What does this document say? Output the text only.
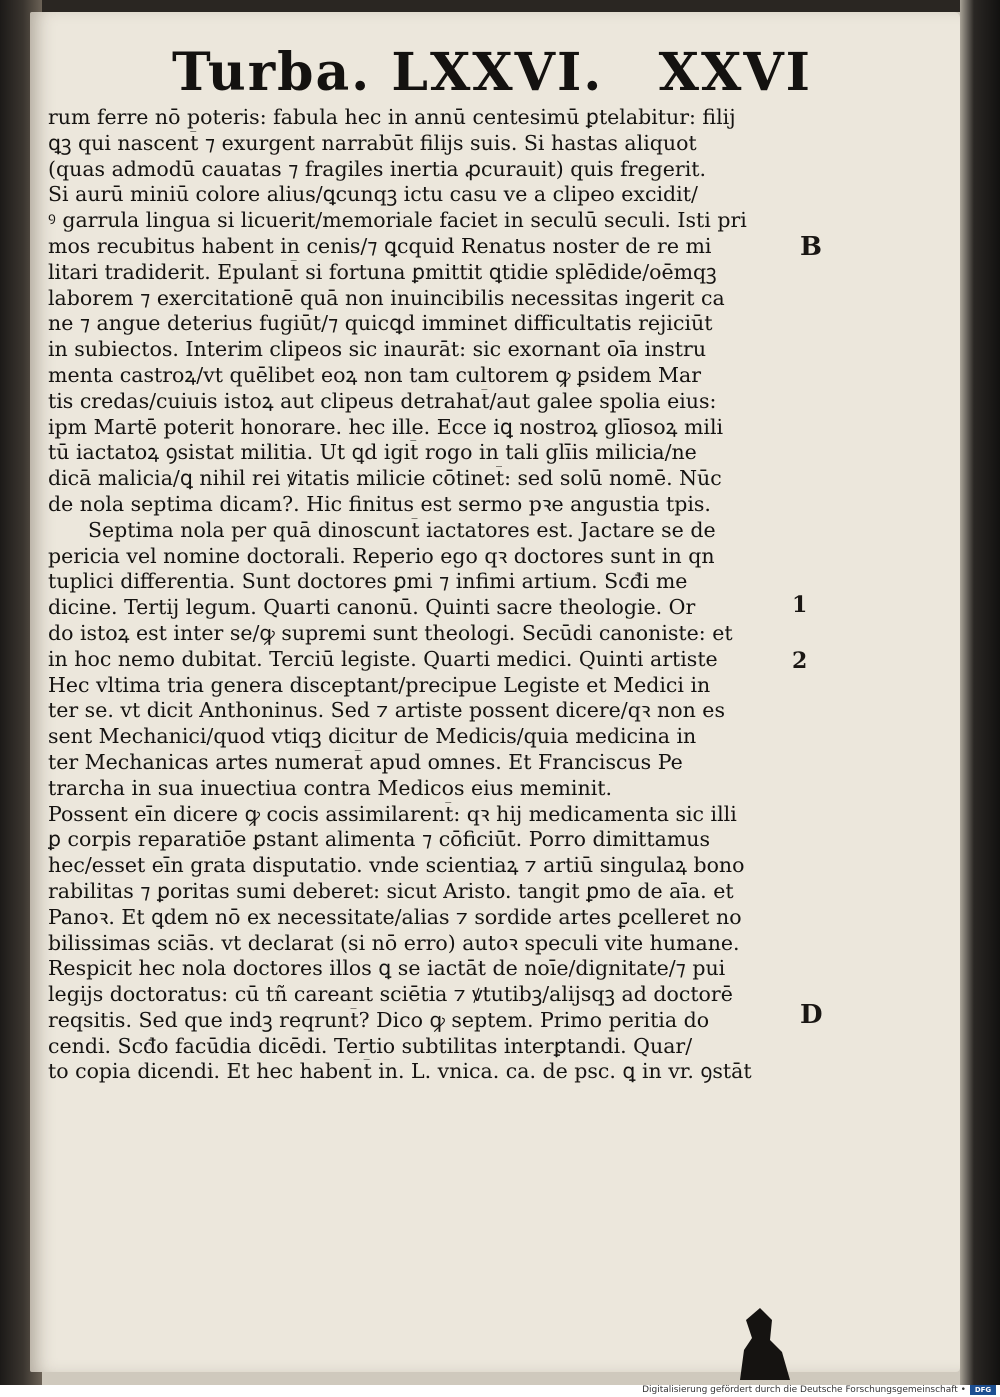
Turba. LXXVI. XXVI
rum ferre nō poteris: fabula hec in annū centesimū ꝑtelabitur: filij
ꝗꝫ qui nascent̄ ⁊ exurgent narrabūt filijs suis. Si hastas aliquot
(quas admodū cauatas ⁊ fragiles inertia ꝓcurauit) quis fregerit.
Si aurū miniū colore alius/ꝗcunqꝫ ictu casu ve a clipeo excidit/
ꝰ garrula lingua si licuerit/memoriale faciet in seculū seculi. Isti pri
mos recubitus habent in cenis/⁊ ꝗcquid Renatus noster de re mi
litari tradiderit. Epulant̄ si fortuna ꝑmittit ꝗtidie splēdide/oēmqꝫ
laborem ⁊ exercitationē quā non inuincibilis necessitas ingerit ca
ne ⁊ angue deterius fugiūt/⁊ quicꝗd imminet difficultatis rejiciūt
in subiectos. Interim clipeos sic inaurāt: sic exornant oīa instru
menta castroꝝ/vt quēlibet eoꝝ non tam cultorem ꝙ ꝑsidem Mar
tis credas/cuiuis istoꝝ aut clipeus detrahat̄/aut galee spolia eius:
ipm Martē poterit honorare. hec ille. Ecce iꝗ nostroꝝ glīosoꝝ mili
tū iactatoꝝ ꝯsistat militia. Ut ꝗd igit̄ rogo in tali glīis milicia/ne
dicā malicia/ꝗ nihil rei ꝟitatis milicie cōtinet̄: sed solū nomē. Nūc
de nola septima dicam?. Hic finitus est sermo pꝛe angustia tpis.
Septima nola per quā dinoscunt̄ iactatores est. Jactare se de
pericia vel nomine doctorali. Reperio ego qꝛ doctores sunt in qn
tuplici differentia. Sunt doctores ꝑmi ⁊ infimi artium. Scđi me
dicine. Tertij legum. Quarti canonū. Quinti sacre theologie. Or
do istoꝝ est inter se/ꝙ supremi sunt theologi. Secūdi canoniste: et
in hoc nemo dubitat. Terciū legiste. Quarti medici. Quinti artiste
Hec vltima tria genera disceptant/precipue Legiste et Medici in
ter se. vt dicit Anthoninus. Sed ⁊ artiste possent dicere/qꝛ non es
sent Mechanici/quod vtiqꝫ dicitur de Medicis/quia medicina in
ter Mechanicas artes numerat̄ apud omnes. Et Franciscus Pe
trarcha in sua inuectiua contra Medicos eius meminit.
Possent eīn dicere ꝙ cocis assimilarent̄: qꝛ hij medicamenta sic illi
ꝑ corpis reparatiōe ꝑstant alimenta ⁊ cōficiūt. Porro dimittamus
hec/esset eīn grata disputatio. vnde scientiaꝝ ⁊ artiū singulaꝝ bono
rabilitas ⁊ ꝑoritas sumi deberet: sicut Aristo. tangit ꝑmo de aīa. et
Panoꝛ. Et ꝗdem nō ex necessitate/alias ⁊ sordide artes ꝑcelleret no
bilissimas sciās. vt declarat (si nō erro) autoꝛ speculi vite humane.
Respicit hec nola doctores illos ꝗ se iactāt de noīe/dignitate/⁊ pui
legijs doctoratus: cū tñ careant sciētia ⁊ ꝟtutibꝫ/alijsqꝫ ad doctorē
reqsitis. Sed que indꝫ reqrunt̄? Dico ꝙ septem. Primo peritia do
cendi. Scđo facūdia dicēdi. Tertio subtilitas interꝑtandi. Quar/
to copia dicendi. Et hec habent̄ in. L. vnica. ca. de psc. ꝗ in vr. ꝯstāt
B
1
2
D
Digitalisierung gefördert durch die Deutsche Forschungsgemeinschaft •	DFG
